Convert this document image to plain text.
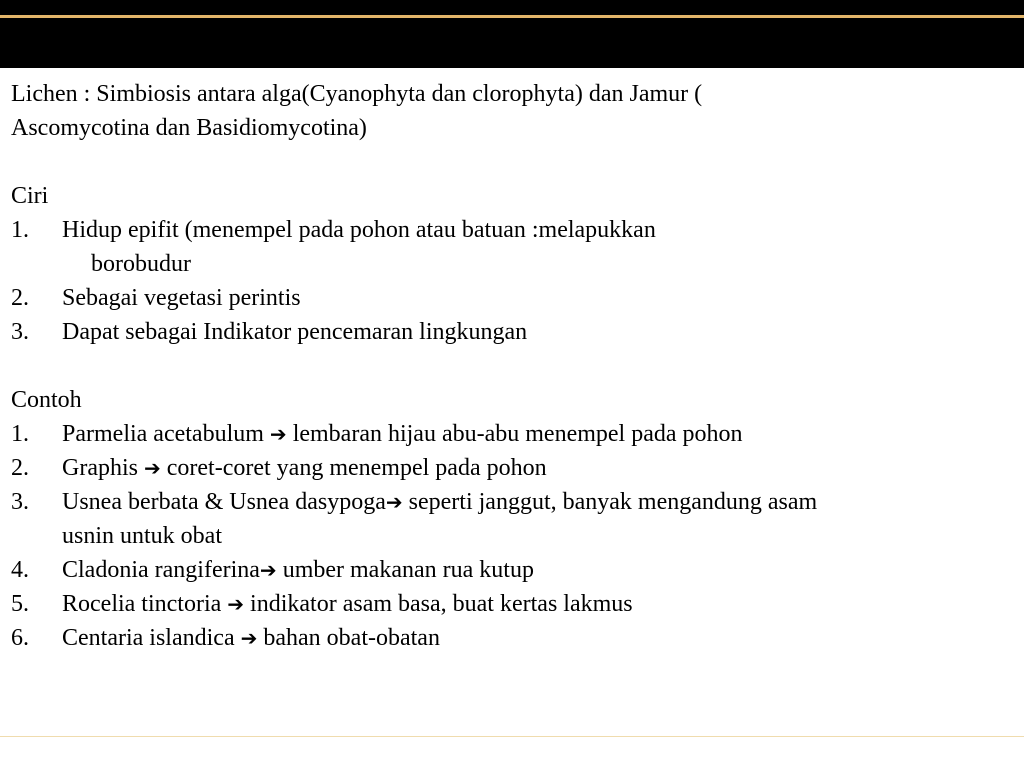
Lichen : Simbiosis antara alga(Cyanophyta dan clorophyta) dan Jamur (

Ascomycotina dan Basidiomycotina)

Ciri

1.	Hidup epifit (menempel pada pohon atau batuan :melapukkan
borobudur
2.	Sebagai vegetasi perintis
3.	Dapat sebagai Indikator pencemaran lingkungan

Contoh

1.	Parmelia acetabulum ➔ lembaran hijau abu-abu menempel pada pohon
2.	Graphis ➔ coret-coret yang menempel pada pohon
3.	Usnea berbata & Usnea dasypoga➔ seperti janggut, banyak mengandung asam
usnin untuk obat
4.	Cladonia rangiferina➔ umber makanan rua kutup
5.	Rocelia tinctoria ➔ indikator asam basa, buat kertas lakmus
6.	Centaria islandica ➔ bahan obat-obatan
